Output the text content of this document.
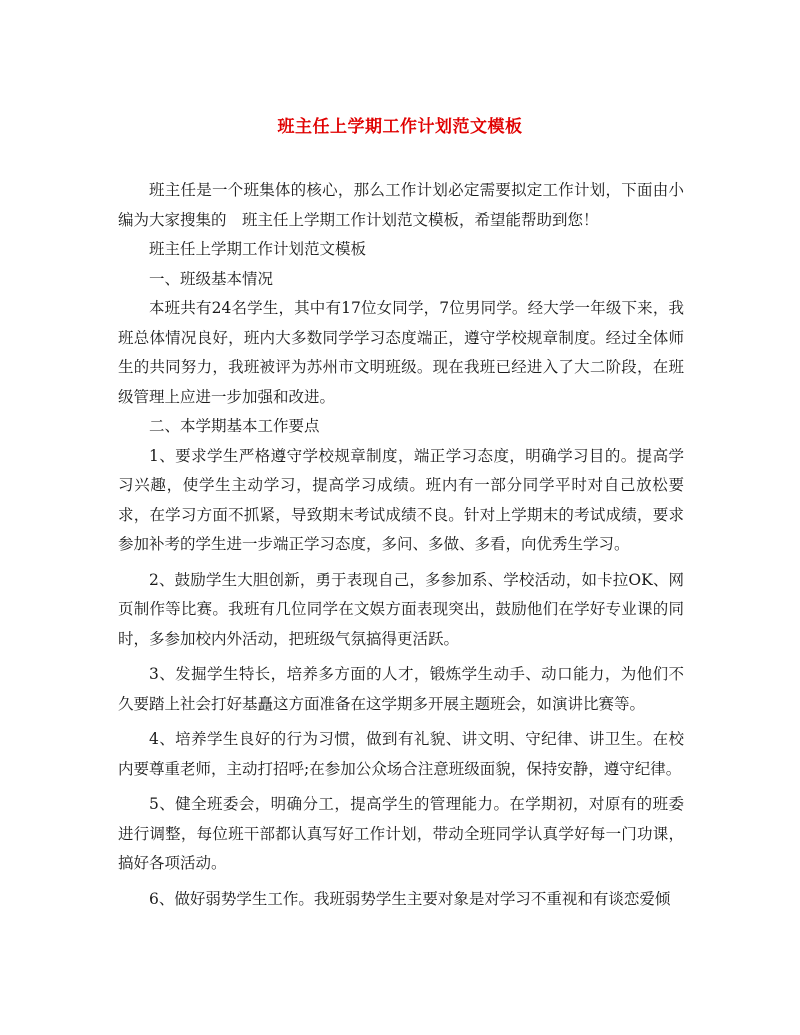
班主任上学期工作计划范文模板

班主任是一个班集体的核心，那么工作计划必定需要拟定工作计划，下面由小编为大家搜集的　班主任上学期工作计划范文模板，希望能帮助到您！

班主任上学期工作计划范文模板

一、班级基本情况

本班共有24名学生，其中有17位女同学，7位男同学。经大学一年级下来，我班总体情况良好，班内大多数同学学习态度端正，遵守学校规章制度。经过全体师生的共同努力，我班被评为苏州市文明班级。现在我班已经进入了大二阶段，在班级管理上应进一步加强和改进。

二、本学期基本工作要点

1、要求学生严格遵守学校规章制度，端正学习态度，明确学习目的。提高学习兴趣，使学生主动学习，提高学习成绩。班内有一部分同学平时对自己放松要求，在学习方面不抓紧，导致期末考试成绩不良。针对上学期末的考试成绩，要求参加补考的学生进一步端正学习态度，多问、多做、多看，向优秀生学习。

2、鼓励学生大胆创新，勇于表现自己，多参加系、学校活动，如卡拉OK、网页制作等比赛。我班有几位同学在文娱方面表现突出，鼓励他们在学好专业课的同时，多参加校内外活动，把班级气氛搞得更活跃。

3、发掘学生特长，培养多方面的人才，锻炼学生动手、动口能力，为他们不久要踏上社会打好基矗这方面准备在这学期多开展主题班会，如演讲比赛等。

4、培养学生良好的行为习惯，做到有礼貌、讲文明、守纪律、讲卫生。在校内要尊重老师，主动打招呼;在参加公众场合注意班级面貌，保持安静，遵守纪律。

5、健全班委会，明确分工，提高学生的管理能力。在学期初，对原有的班委进行调整，每位班干部都认真写好工作计划，带动全班同学认真学好每一门功课，搞好各项活动。

6、做好弱势学生工作。我班弱势学生主要对象是对学习不重视和有谈恋爱倾
